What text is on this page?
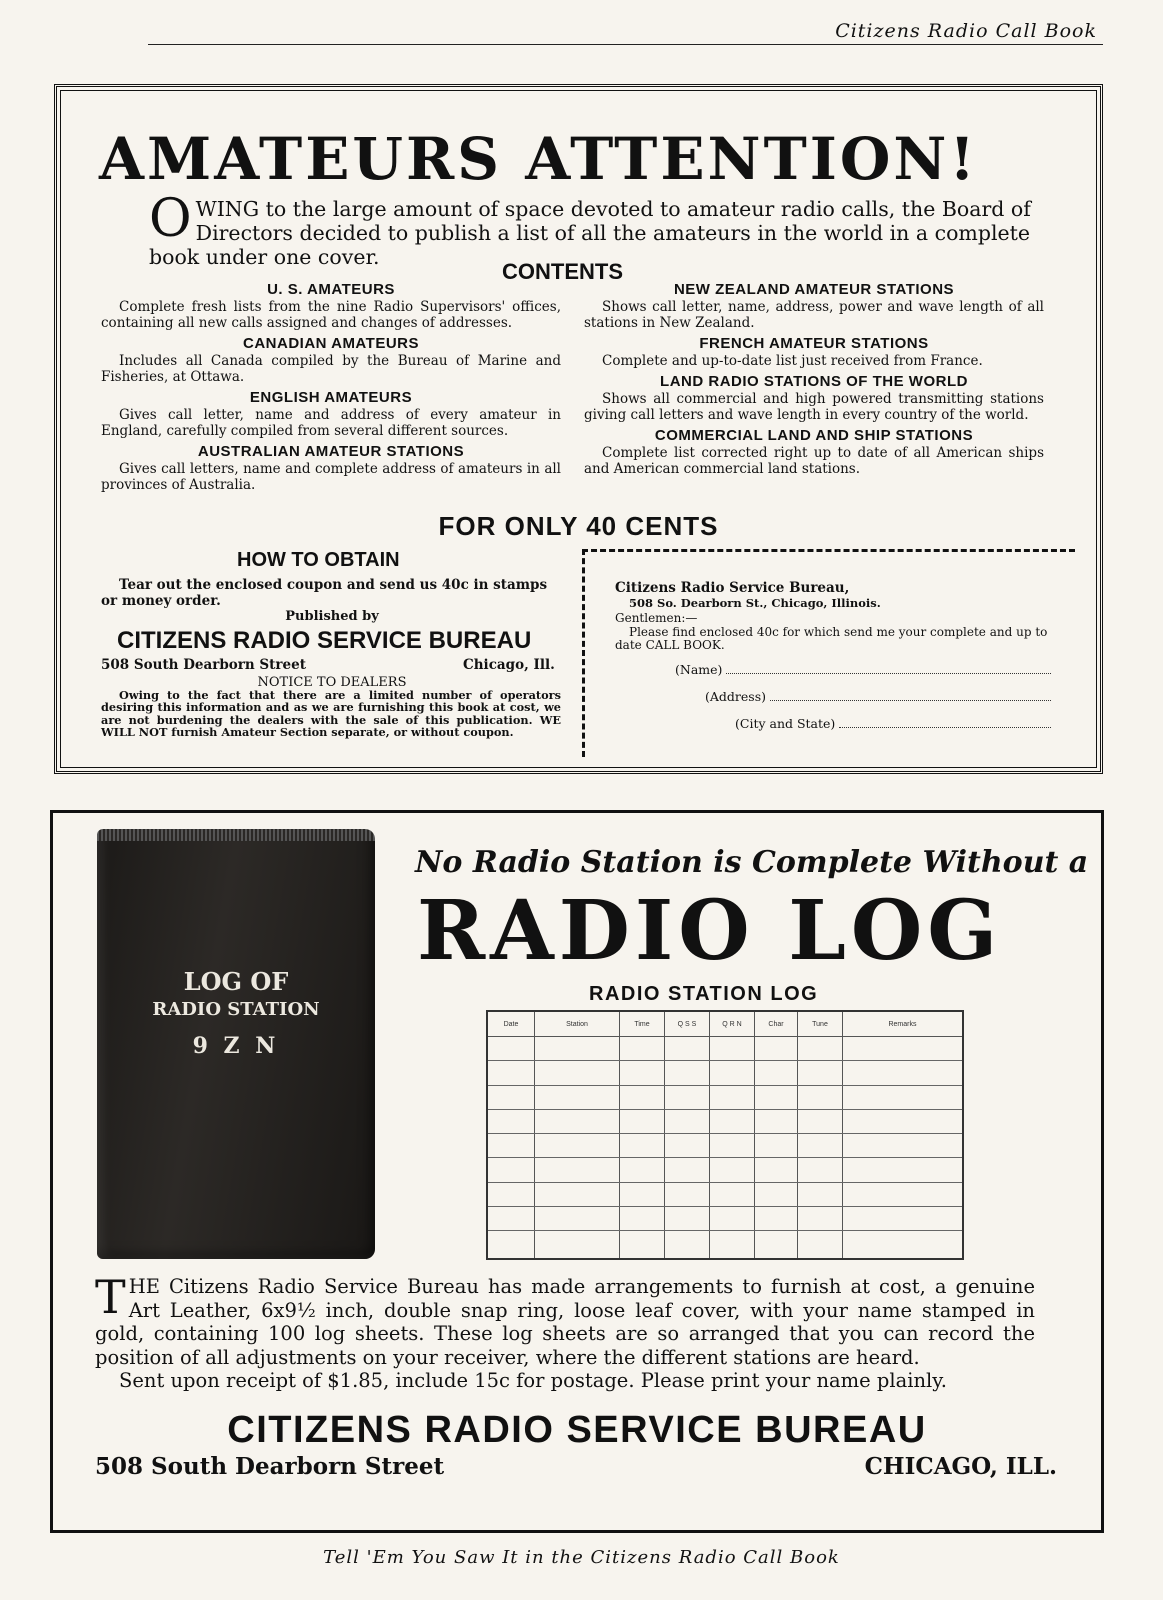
Citizens Radio Call Book
AMATEURS ATTENTION!
O WING to the large amount of space devoted to amateur radio calls, the Board of Directors decided to publish a list of all the amateurs in the world in a complete book under one cover.
CONTENTS
U. S. AMATEURS

Complete fresh lists from the nine Radio Supervisors' offices, containing all new calls assigned and changes of addresses.

CANADIAN AMATEURS

Includes all Canada compiled by the Bureau of Marine and Fisheries, at Ottawa.

ENGLISH AMATEURS

Gives call letter, name and address of every amateur in England, carefully compiled from several different sources.

AUSTRALIAN AMATEUR STATIONS

Gives call letters, name and complete address of amateurs in all provinces of Australia.

NEW ZEALAND AMATEUR STATIONS

Shows call letter, name, address, power and wave length of all stations in New Zealand.

FRENCH AMATEUR STATIONS

Complete and up-to-date list just received from France.

LAND RADIO STATIONS OF THE WORLD

Shows all commercial and high powered transmitting stations giving call letters and wave length in every country of the world.

COMMERCIAL LAND AND SHIP STATIONS

Complete list corrected right up to date of all American ships and American commercial land stations.

FOR ONLY 40 CENTS
HOW TO OBTAIN
Tear out the enclosed coupon and send us 40c in stamps or money order.
Published by
CITIZENS RADIO SERVICE BUREAU
508 South Dearborn Street	Chicago, Ill.
NOTICE TO DEALERS
Owing to the fact that there are a limited number of operators desiring this information and as we are furnishing this book at cost, we are not burdening the dealers with the sale of this publication. WE WILL NOT furnish Amateur Section separate, or without coupon.
Citizens Radio Service Bureau,
508 So. Dearborn St., Chicago, Illinois.
Gentlemen:—
Please find enclosed 40c for which send me your complete and up to date CALL BOOK.
(Name)
(Address)
(City and State)
LOG OF
RADIO STATION
9 Z N
No Radio Station is Complete Without a
RADIO LOG
RADIO STATION LOG
Date	Station	Time	Q S S	Q R N	Char	Tune	Remarks

T HE Citizens Radio Service Bureau has made arrangements to furnish at cost, a genuine Art Leather, 6x9½ inch, double snap ring, loose leaf cover, with your name stamped in gold, containing 100 log sheets. These log sheets are so arranged that you can record the position of all adjustments on your receiver, where the different stations are heard.

Sent upon receipt of $1.85, include 15c for postage. Please print your name plainly.

CITIZENS RADIO SERVICE BUREAU
508 South Dearborn Street	CHICAGO, ILL.
Tell 'Em You Saw It in the Citizens Radio Call Book
